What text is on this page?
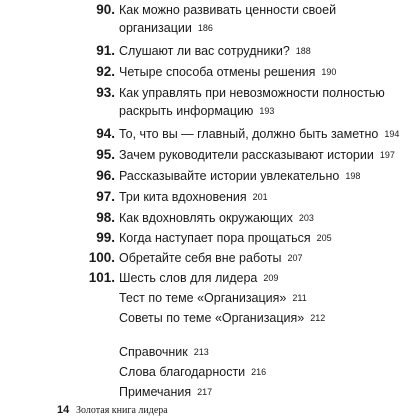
90. Как можно развивать ценности своей
организации 186
91. Слушают ли вас сотрудники? 188
92. Четыре способа отмены решения 190
93. Как управлять при невозможности полностью
раскрыть информацию 193
94. То, что вы — главный, должно быть заметно 194
95. Зачем руководители рассказывают истории 197
96. Рассказывайте истории увлекательно 198
97. Три кита вдохновения 201
98. Как вдохновлять окружающих 203
99. Когда наступает пора прощаться 205
100. Обретайте себя вне работы 207
101. Шесть слов для лидера 209
Тест по теме «Организация» 211
Советы по теме «Организация» 212
Справочник 213
Слова благодарности 216
Примечания 217
14 Золотая книга лидера
